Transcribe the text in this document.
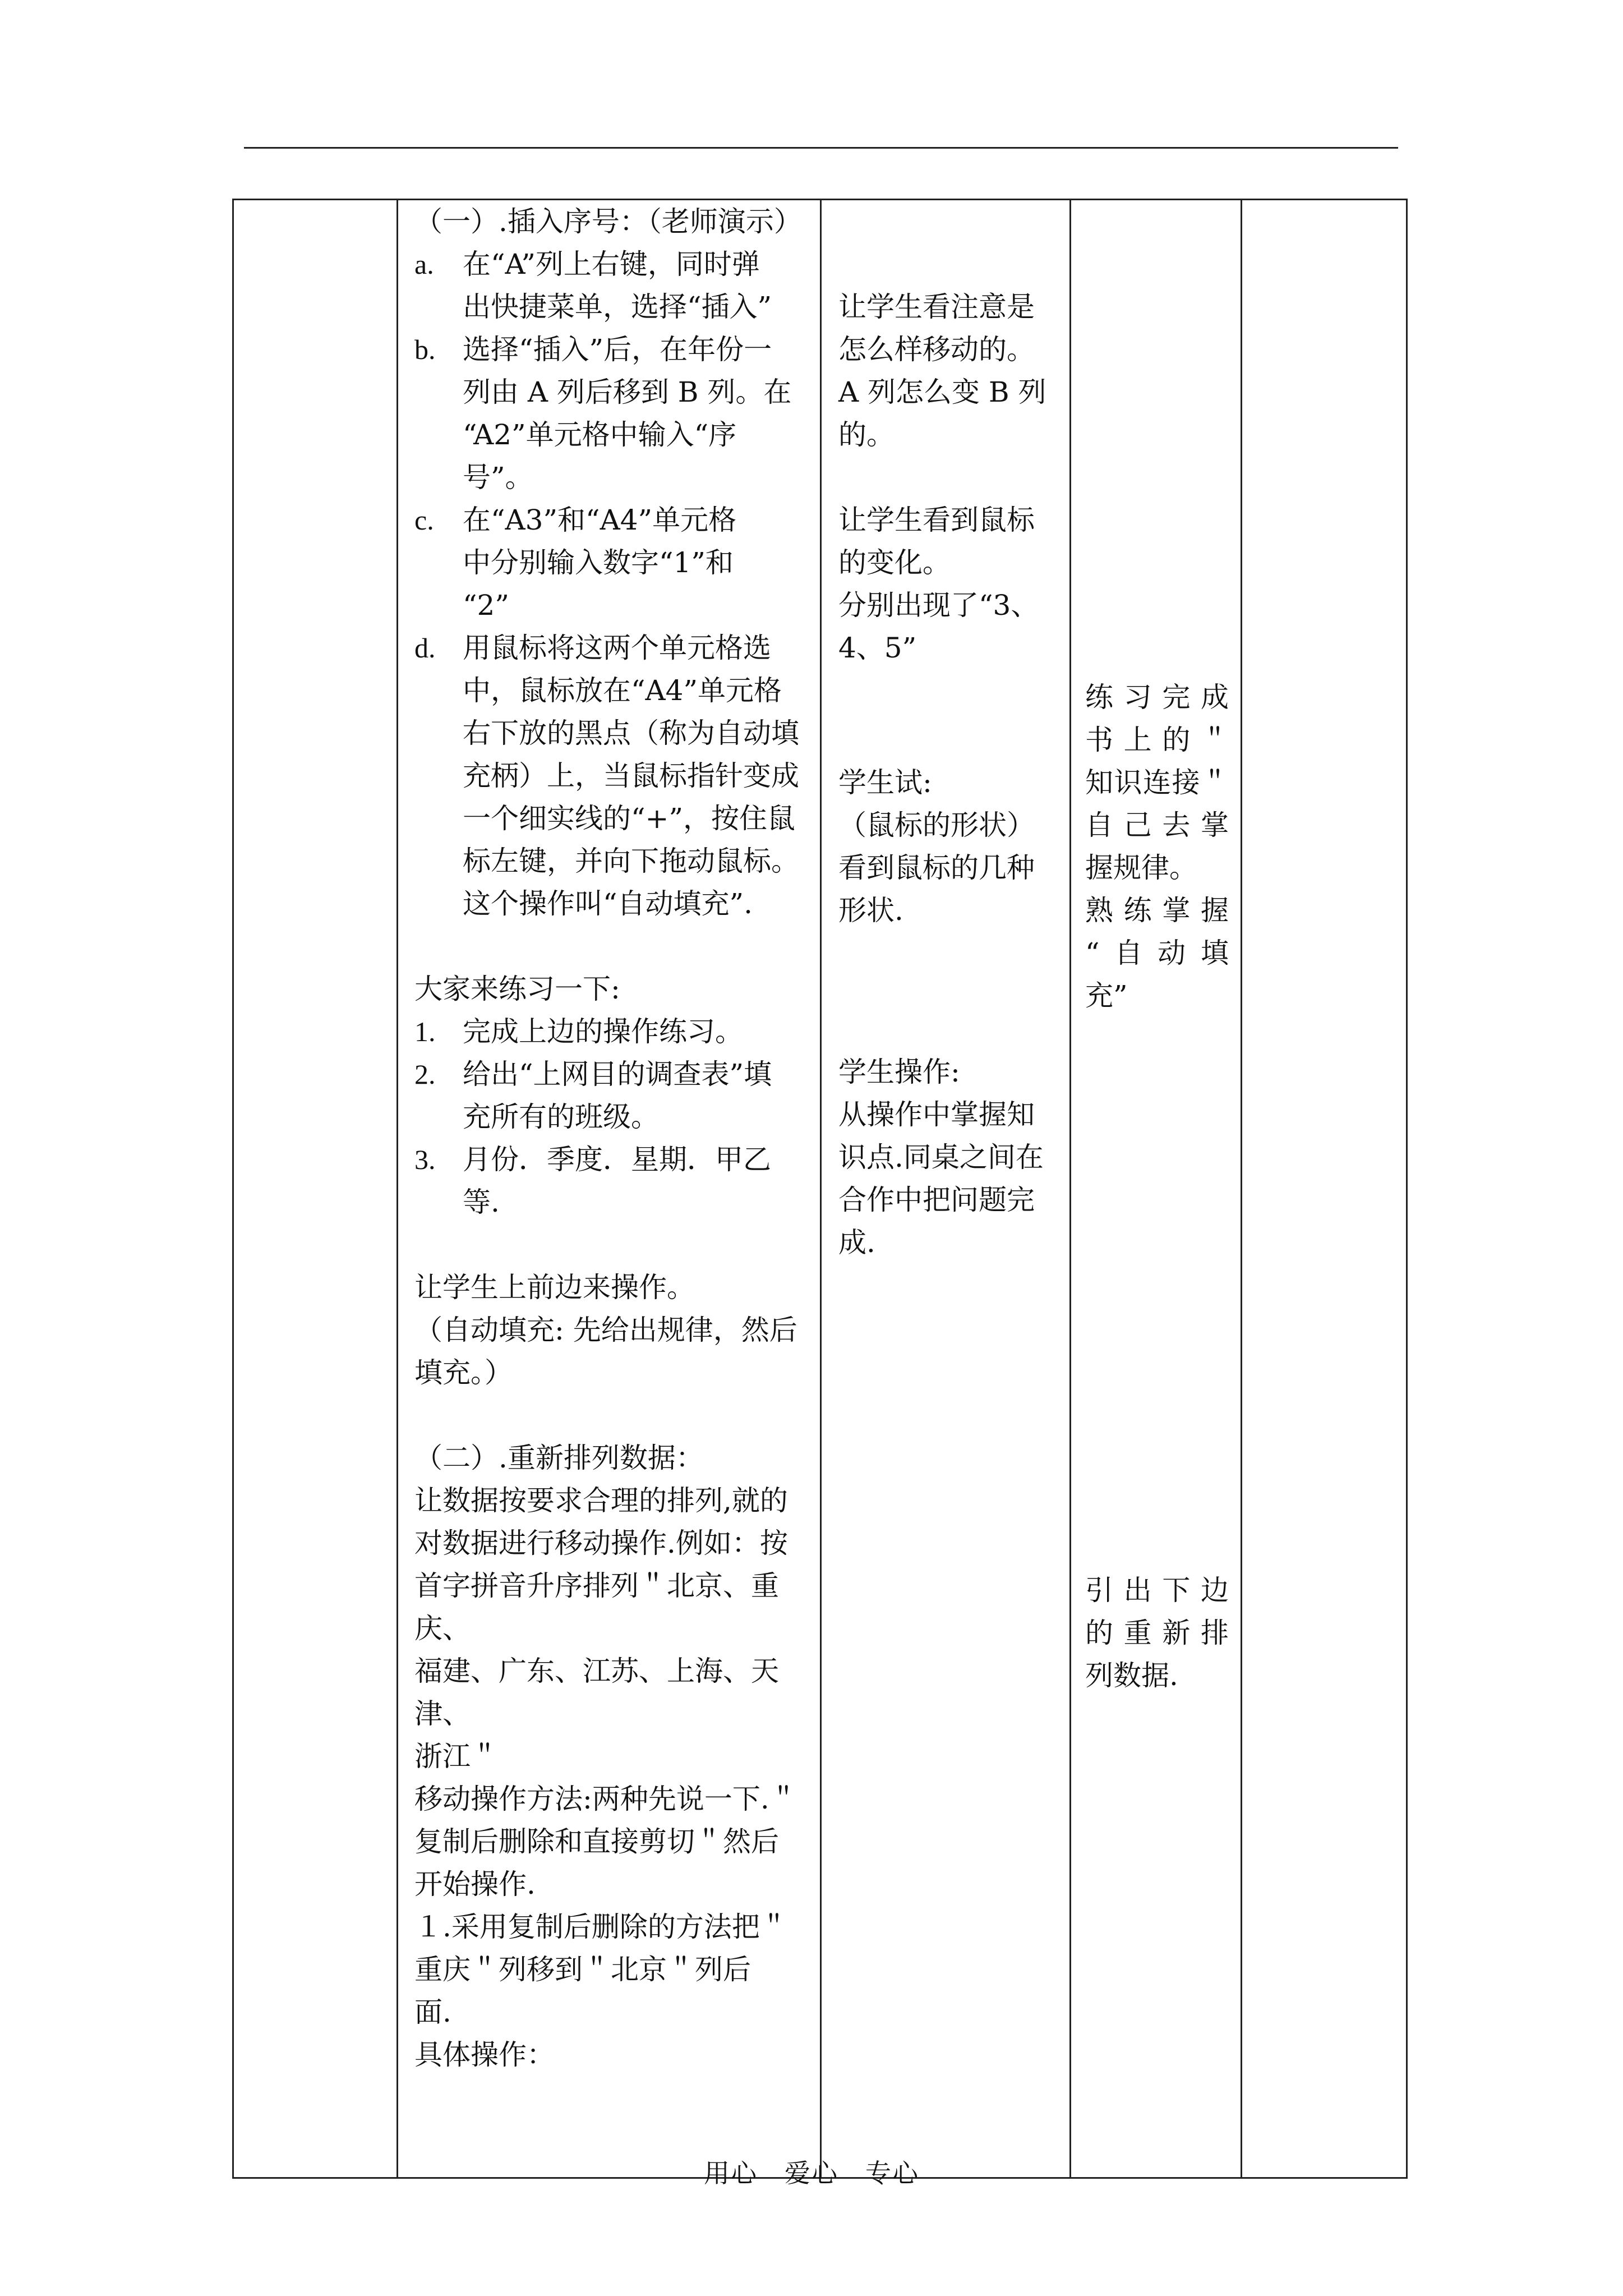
（一）.插入序号：（老师演示）

a.	在“A”列上右键，同时弹

出快捷菜单，选择“插入”

b. 选择“插入”后，在年份一

列由 A 列后移到 B 列。在

“A2”单元格中输入“序

号”。

c.	在“A3”和“A4”单元格

中分别输入数字“1”和

“2”

d. 用鼠标将这两个单元格选

中，鼠标放在“A4”单元格

右下放的黑点（称为自动填

充柄）上，当鼠标指针变成

一个细实线的“+”，按住鼠

标左键，并向下拖动鼠标。

这个操作叫“自动填充”.

大家来练习一下:

1. 完成上边的操作练习。

2. 给出“上网目的调查表”填

充所有的班级。

3. 月份．季度．星期．甲乙

等.

让学生上前边来操作。

（自动填充: 先给出规律，然后

填充。）

（二）.重新排列数据：

让数据按要求合理的排列,就的

对数据进行移动操作.例如：按

首字拼音升序排列＂北京、重庆、

福建、广东、江苏、上海、天津、

浙江＂

移动操作方法:两种先说一下.＂

复制后删除和直接剪切＂然后

开始操作.

１.采用复制后删除的方法把＂

重庆＂列移到＂北京＂列后

面.

具体操作：

让学生看注意是

怎么样移动的。

A 列怎么变 B 列

的。

让学生看到鼠标

的变化。

分别出现了“3、

4、5”

学生试:

（鼠标的形状）

看到鼠标的几种

形状.

学生操作:

从操作中掌握知

识点.同桌之间在

合作中把问题完

成.

练习完成

书上的＂

知识连接＂

自己去掌

握规律。

熟练掌握

“自动填

充”

引出下边

的重新排

列数据.

用心　爱心　专心
